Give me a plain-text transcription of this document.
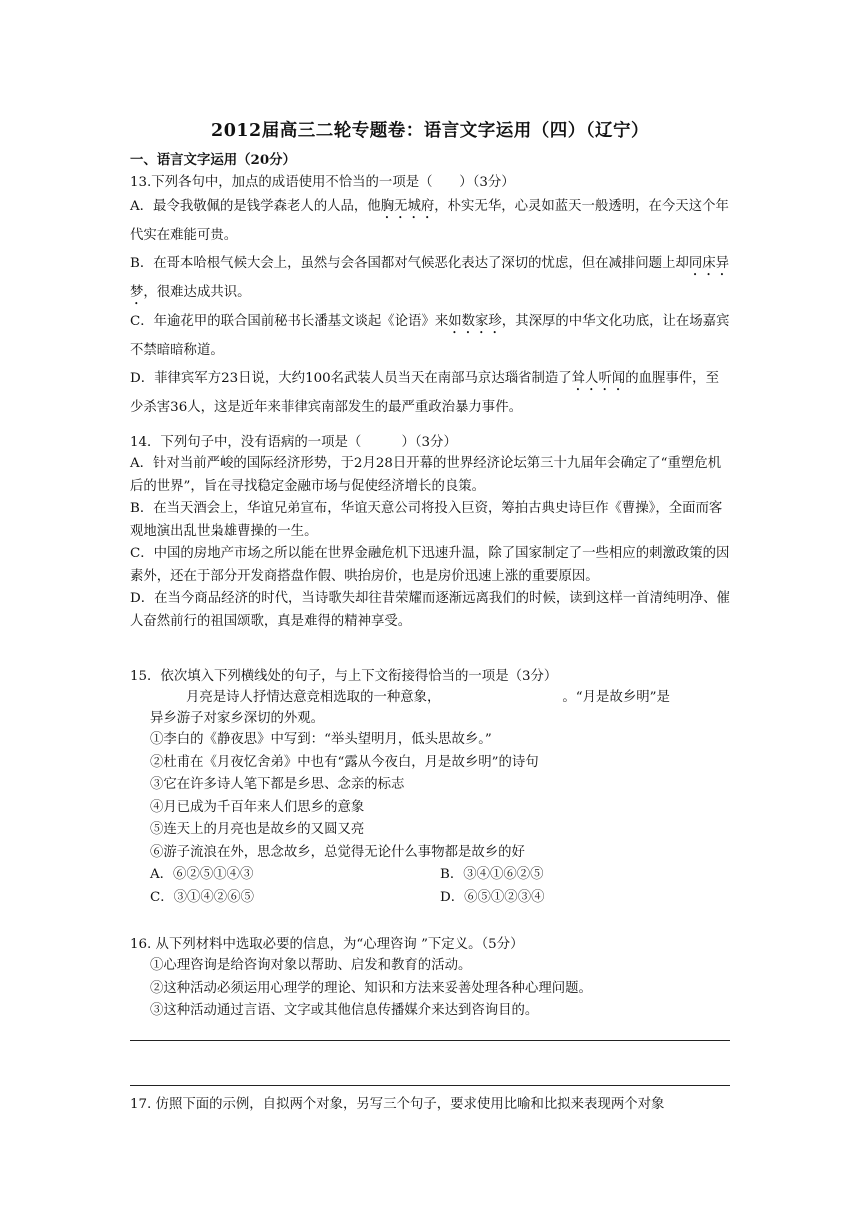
2012届高三二轮专题卷：语言文字运用（四）（辽宁）
一、语言文字运用（20分）
13.下列各句中，加点的成语使用不恰当的一项是（　　）（3分）
A．最令我敬佩的是钱学森老人的人品，他胸无城府，朴实无华，心灵如蓝天一般透明，在今天这个年代实在难能可贵。
B．在哥本哈根气候大会上，虽然与会各国都对气候恶化表达了深切的忧虑，但在减排问题上却同床异梦，很难达成共识。
C．年逾花甲的联合国前秘书长潘基文谈起《论语》来如数家珍，其深厚的中华文化功底，让在场嘉宾不禁暗暗称道。
D．菲律宾军方23日说，大约100名武装人员当天在南部马京达瑙省制造了耸人听闻的血腥事件，至少杀害36人，这是近年来菲律宾南部发生的最严重政治暴力事件。
14．下列句子中，没有语病的一项是（　　　）（3分）
A．针对当前严峻的国际经济形势，于2月28日开幕的世界经济论坛第三十九届年会确定了“重塑危机后的世界”，旨在寻找稳定金融市场与促使经济增长的良策。
B．在当天酒会上，华谊兄弟宣布，华谊天意公司将投入巨资，筹拍古典史诗巨作《曹操》，全面而客观地演出乱世枭雄曹操的一生。
C．中国的房地产市场之所以能在世界金融危机下迅速升温，除了国家制定了一些相应的刺激政策的因素外，还在于部分开发商搭盘作假、哄抬房价，也是房价迅速上涨的重要原因。
D．在当今商品经济的时代，当诗歌失却往昔荣耀而逐渐远离我们的时候，读到这样一首清纯明净、催人奋然前行的祖国颂歌，真是难得的精神享受。
15．依次填入下列横线处的句子，与上下文衔接得恰当的一项是（3分）
月亮是诗人抒情达意竞相选取的一种意象，	。“月是故乡明”是
异乡游子对家乡深切的外观。
①李白的《静夜思》中写到：“举头望明月，低头思故乡。”
②杜甫在《月夜忆舍弟》中也有“露从今夜白，月是故乡明”的诗句
③它在许多诗人笔下都是乡思、念亲的标志
④月已成为千百年来人们思乡的意象
⑤连天上的月亮也是故乡的又圆又亮
⑥游子流浪在外，思念故乡，总觉得无论什么事物都是故乡的好
A．⑥②⑤①④③	B．③④①⑥②⑤
C．③①④②⑥⑤	D．⑥⑤①②③④
16. 从下列材料中选取必要的信息，为“心理咨询 ”下定义。（5分）
①心理咨询是给咨询对象以帮助、启发和教育的活动。
②这种活动必须运用心理学的理论、知识和方法来妥善处理各种心理问题。
③这种活动通过言语、文字或其他信息传播媒介来达到咨询目的。
17. 仿照下面的示例，自拟两个对象，另写三个句子，要求使用比喻和比拟来表现两个对象
